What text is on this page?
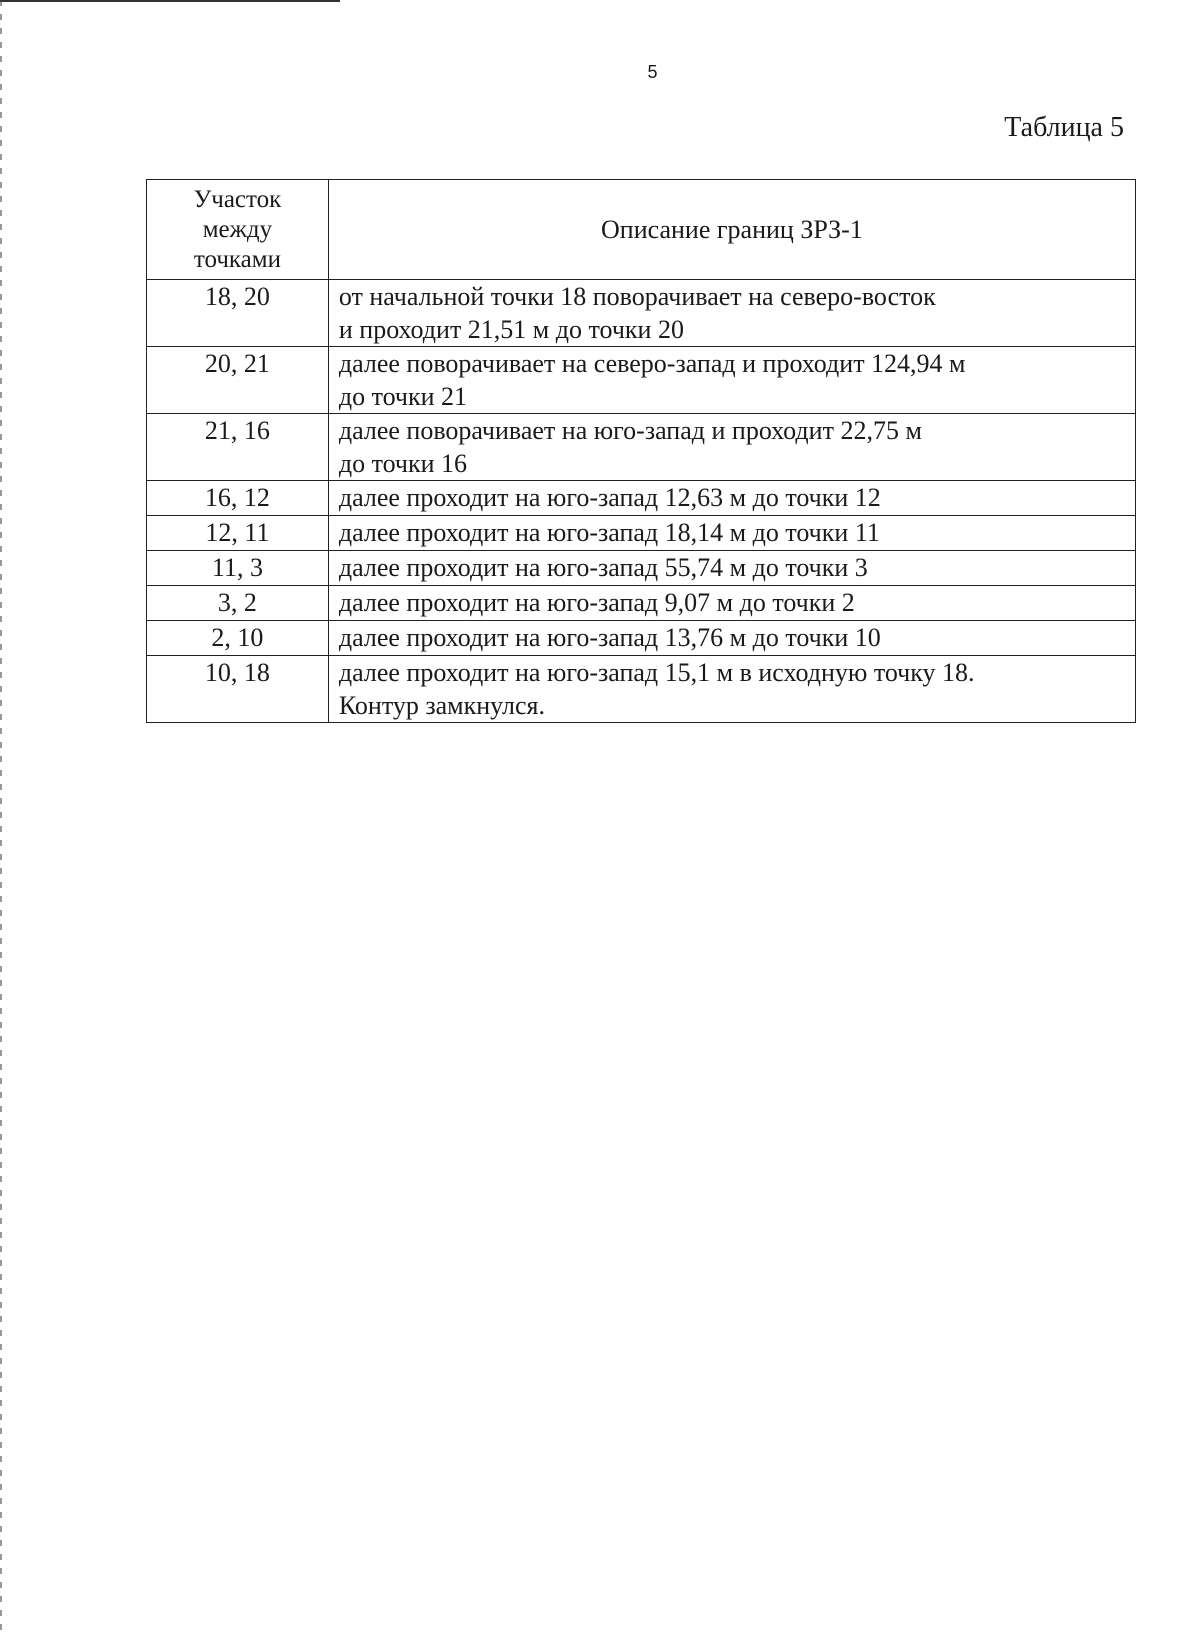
5
Таблица 5
Участок
между
точками	Описание границ ЗРЗ-1
18, 20	от начальной точки 18 поворачивает на северо-восток
и проходит 21,51 м до точки 20

20, 21	далее поворачивает на северо-запад и проходит 124,94 м
до точки 21

21, 16	далее поворачивает на юго-запад и проходит 22,75 м
до точки 16

16, 12	далее проходит на юго-запад 12,63 м до точки 12

12, 11	далее проходит на юго-запад 18,14 м до точки 11

11, 3	далее проходит на юго-запад 55,74 м до точки 3

3, 2	далее проходит на юго-запад 9,07 м до точки 2

2, 10	далее проходит на юго-запад 13,76 м до точки 10

10, 18	далее проходит на юго-запад 15,1 м в исходную точку 18.
Контур замкнулся.
